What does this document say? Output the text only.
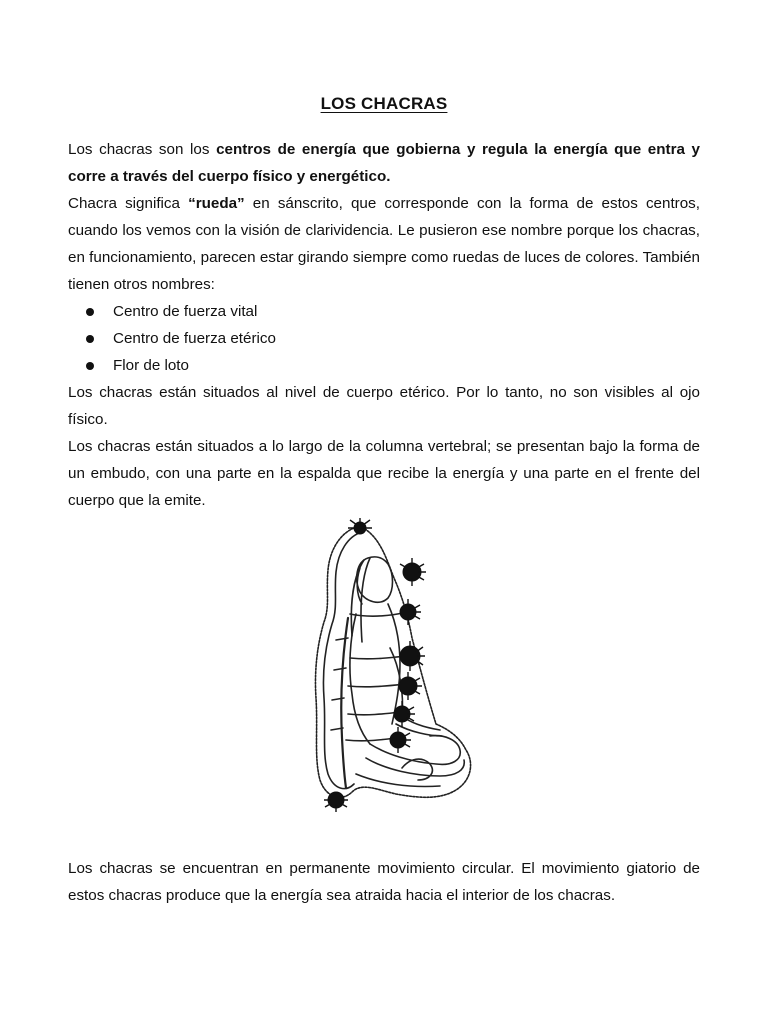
LOS CHACRAS

Los chacras son los centros de energía que gobierna y regula la energía que entra y corre a través del cuerpo físico y energético.

Chacra significa “rueda” en sánscrito, que corresponde con la forma de estos centros, cuando los vemos con la visión de clarividencia. Le pusieron ese nombre porque los chacras, en funcionamiento, parecen estar girando siempre como ruedas de luces de colores. También tienen otros nombres:

Centro de fuerza vital
Centro de fuerza etérico
Flor de loto

Los chacras están situados al nivel de cuerpo etérico. Por lo tanto, no son visibles al ojo físico.

Los chacras están situados a lo largo de la columna vertebral; se presentan bajo la forma de un embudo, con una parte en la espalda que recibe la energía y una parte en el frente del cuerpo que la emite.

Los chacras se encuentran en permanente movimiento circular. El movimiento giatorio de estos chacras produce que la energía sea atraida hacia el interior de los chacras.
